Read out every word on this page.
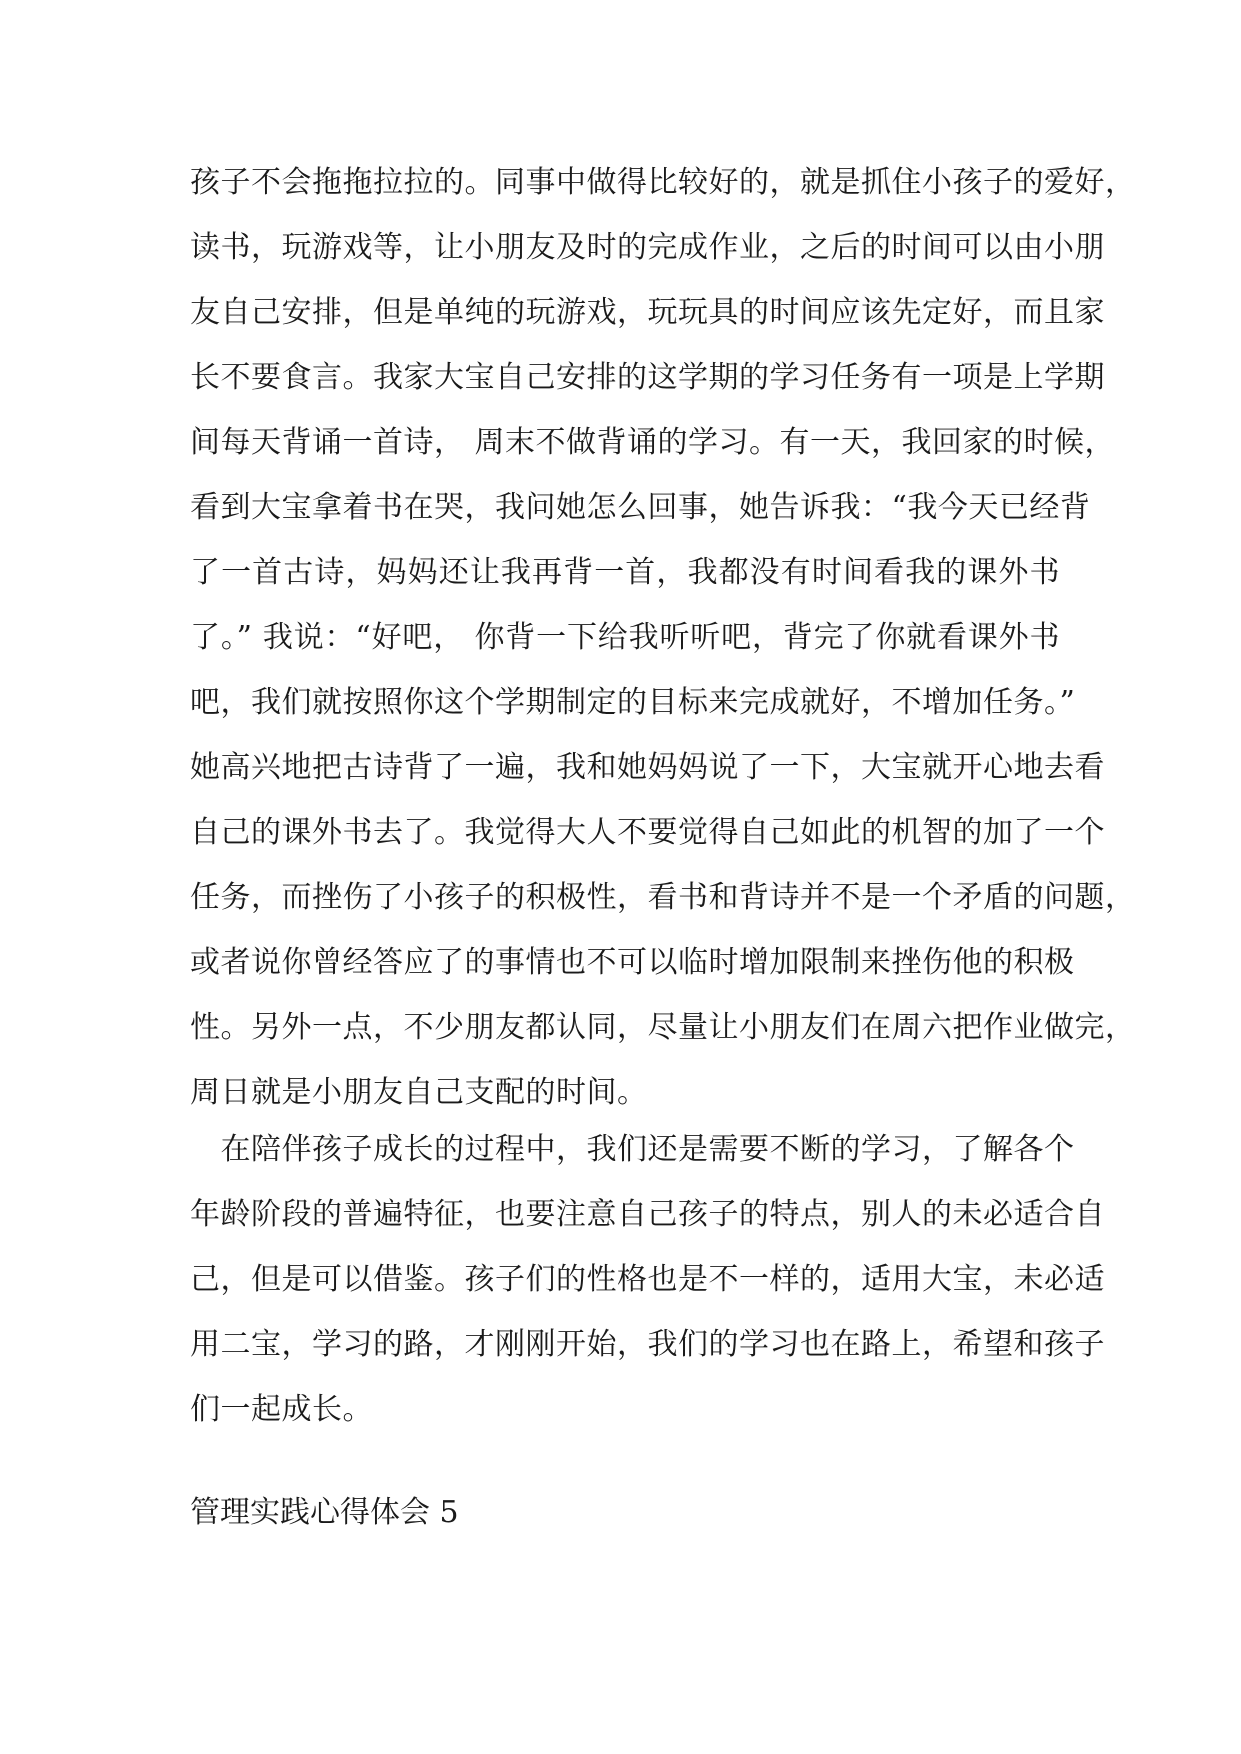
孩子不会拖拖拉拉的。同事中做得比较好的，就是抓住小孩子的爱好，
读书，玩游戏等，让小朋友及时的完成作业，之后的时间可以由小朋
友自己安排，但是单纯的玩游戏，玩玩具的时间应该先定好，而且家
长不要食言。我家大宝自己安排的这学期的学习任务有一项是上学期
间每天背诵一首诗， 周末不做背诵的学习。有一天，我回家的时候，
看到大宝拿着书在哭，我问她怎么回事，她告诉我：“我今天已经背
了一首古诗，妈妈还让我再背一首，我都没有时间看我的课外书
了。” 我说：“好吧， 你背一下给我听听吧，背完了你就看课外书
吧，我们就按照你这个学期制定的目标来完成就好，不增加任务。”
她高兴地把古诗背了一遍，我和她妈妈说了一下，大宝就开心地去看
自己的课外书去了。我觉得大人不要觉得自己如此的机智的加了一个
任务，而挫伤了小孩子的积极性，看书和背诗并不是一个矛盾的问题，
或者说你曾经答应了的事情也不可以临时增加限制来挫伤他的积极
性。另外一点，不少朋友都认同，尽量让小朋友们在周六把作业做完，
周日就是小朋友自己支配的时间。
　在陪伴孩子成长的过程中，我们还是需要不断的学习，了解各个
年龄阶段的普遍特征，也要注意自己孩子的特点，别人的未必适合自
己，但是可以借鉴。孩子们的性格也是不一样的，适用大宝，未必适
用二宝，学习的路，才刚刚开始，我们的学习也在路上，希望和孩子
们一起成长。
管理实践心得体会 5
